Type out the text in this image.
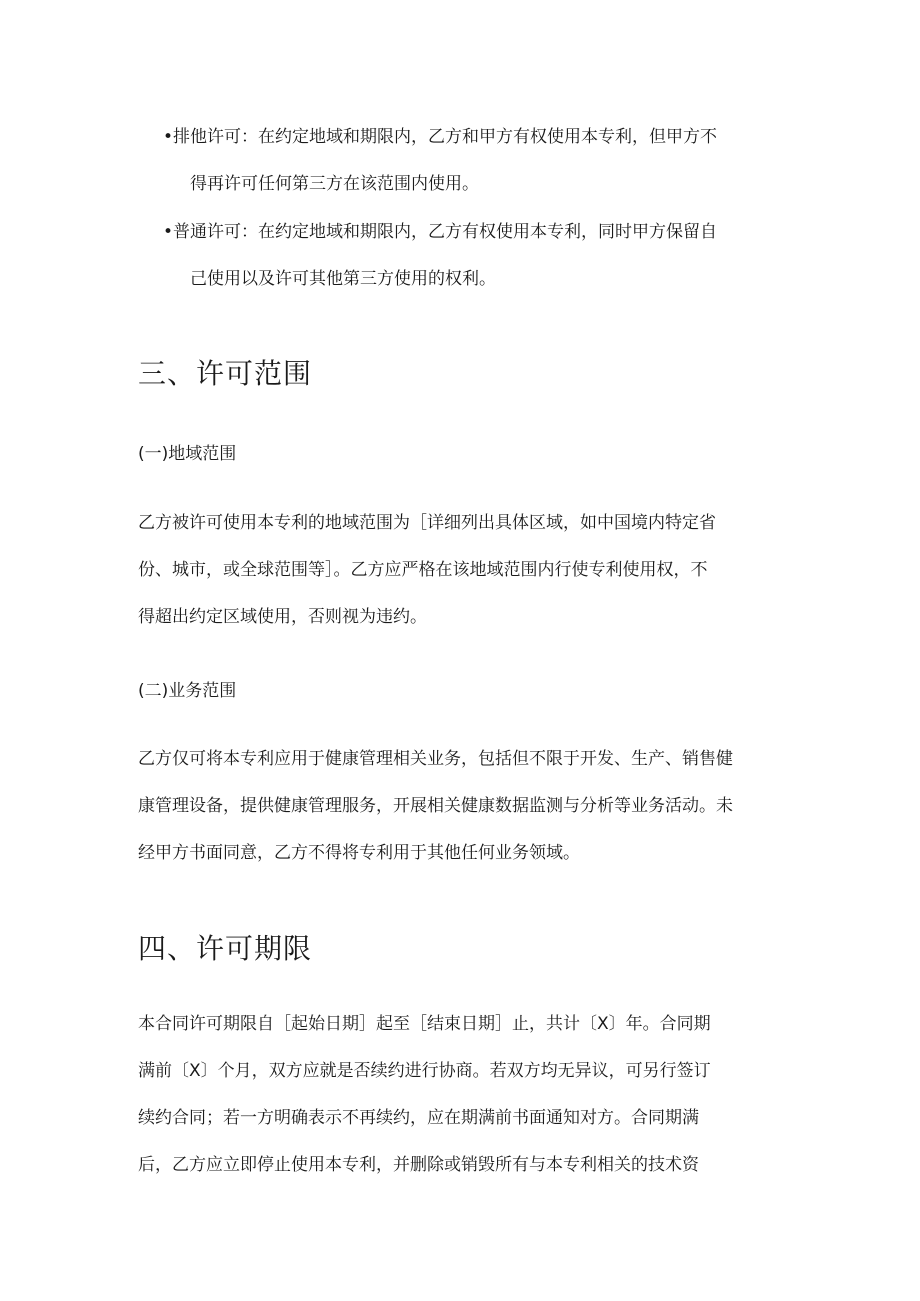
•排他许可：在约定地域和期限内，乙方和甲方有权使用本专利，但甲方不
得再许可任何第三方在该范围内使用。
•普通许可：在约定地域和期限内，乙方有权使用本专利，同时甲方保留自
己使用以及许可其他第三方使用的权利。
三、许可范围
(一)地域范围
乙方被许可使用本专利的地域范围为［详细列出具体区域，如中国境内特定省
份、城市，或全球范围等］。乙方应严格在该地域范围内行使专利使用权，不
得超出约定区域使用，否则视为违约。
(二)业务范围
乙方仅可将本专利应用于健康管理相关业务，包括但不限于开发、生产、销售健
康管理设备，提供健康管理服务，开展相关健康数据监测与分析等业务活动。未
经甲方书面同意，乙方不得将专利用于其他任何业务领域。
四、许可期限
本合同许可期限自［起始日期］起至［结束日期］止，共计〔X〕年。合同期
满前〔X〕个月，双方应就是否续约进行协商。若双方均无异议，可另行签订
续约合同；若一方明确表示不再续约，应在期满前书面通知对方。合同期满
后，乙方应立即停止使用本专利，并删除或销毁所有与本专利相关的技术资
